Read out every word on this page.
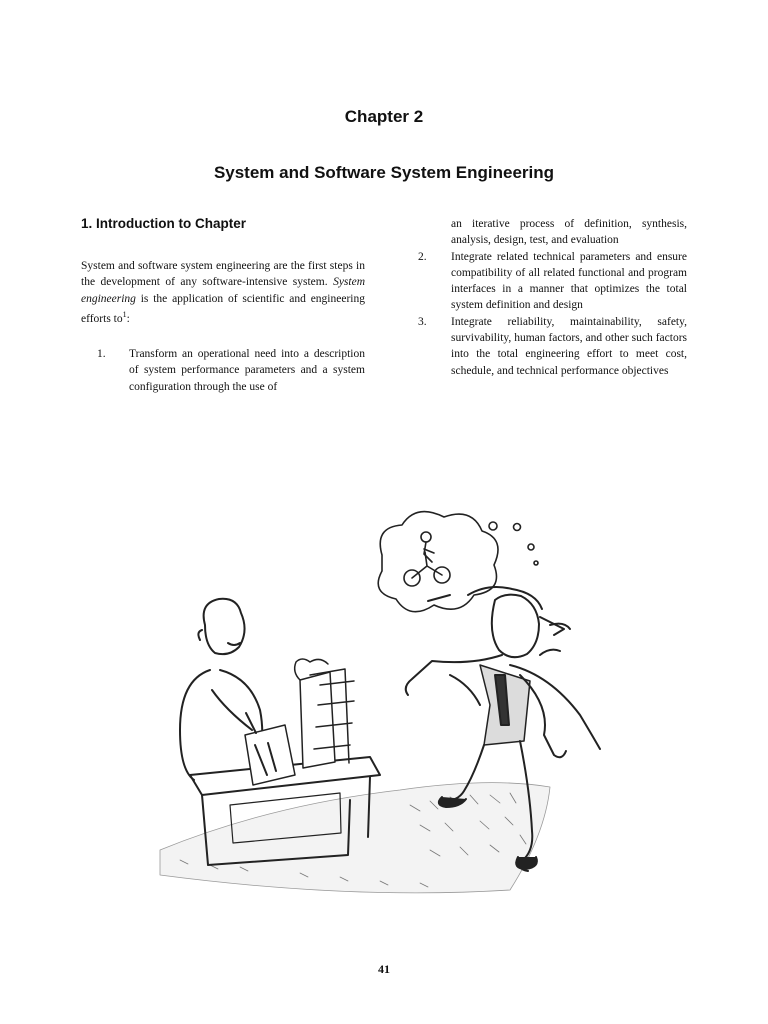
Chapter 2
System and Software System Engineering
1. Introduction to Chapter

System and software system engineering are the first steps in the development of any software-intensive system. System engineering is the application of scientific and engineering efforts $to^1$:

1.	Transform an operational need into a description of system performance parameters and a system configuration through the use of
an iterative process of definition, synthesis, analysis, design, test, and evaluation
2.	Integrate related technical parameters and ensure compatibility of all related functional and program interfaces in a manner that optimizes the total system definition and design
3.	Integrate reliability, maintainability, safety, survivability, human factors, and other such factors into the total engineering effort to meet cost, schedule, and technical performance objectives
41
